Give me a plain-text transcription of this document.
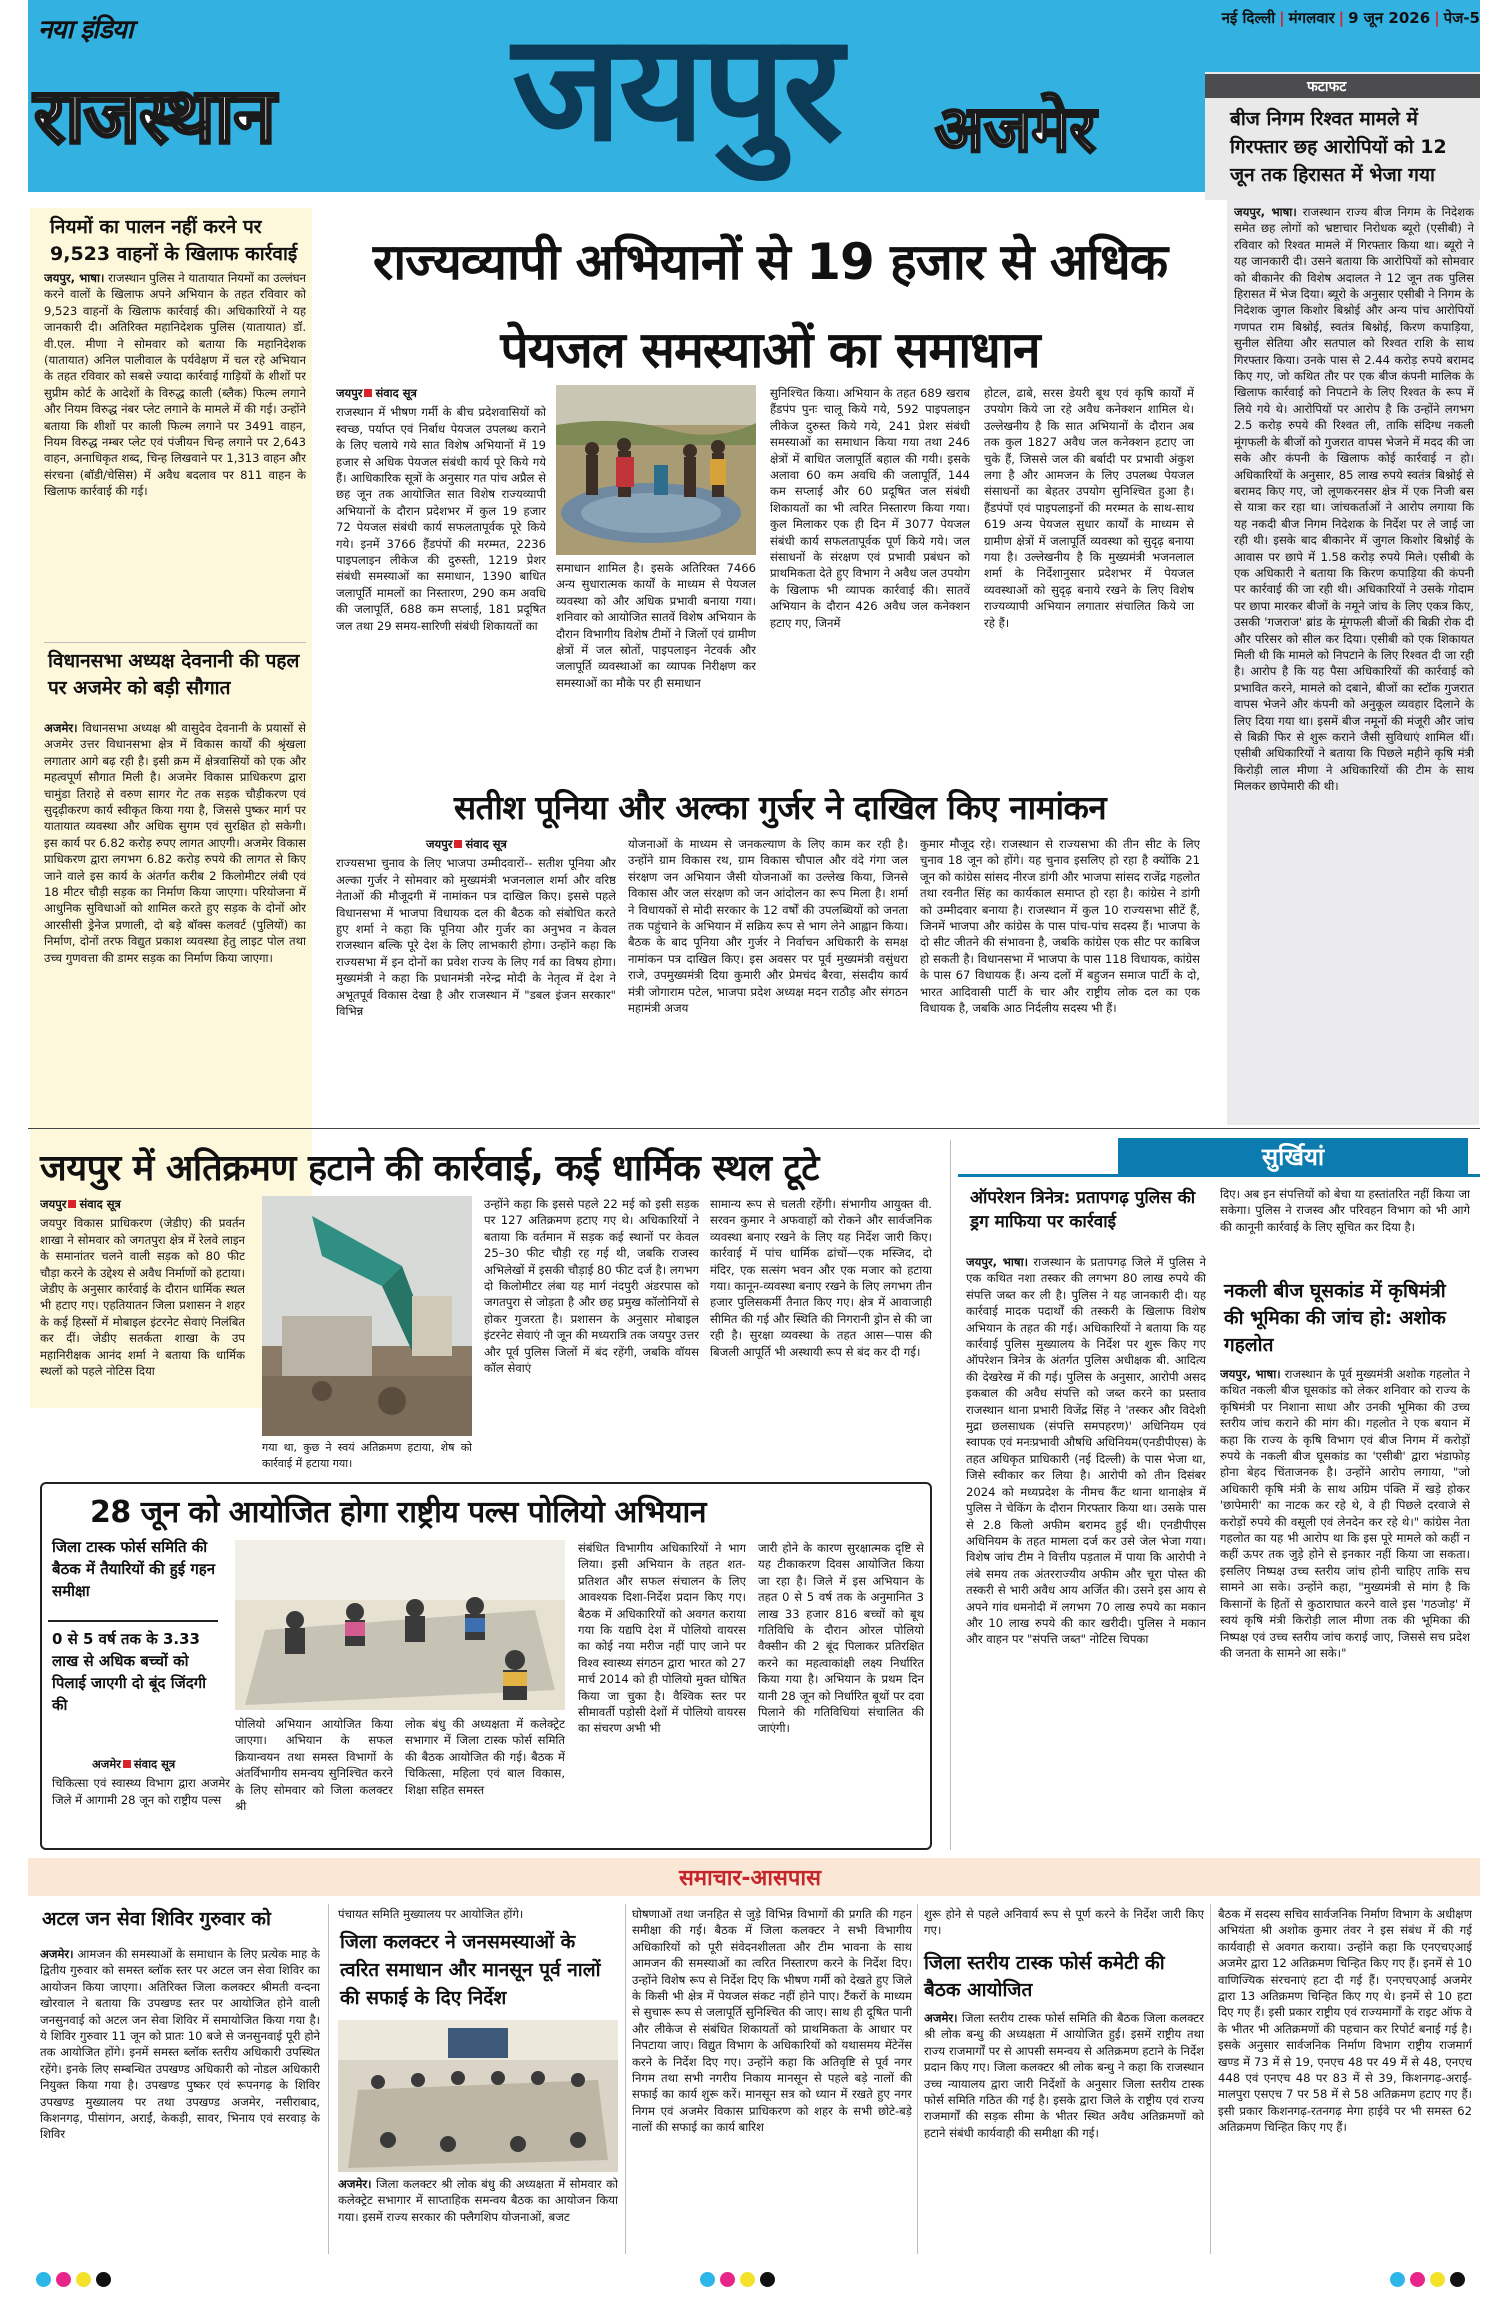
नया इंडिया
राजस्थान जयपुर अजमेर
नई दिल्ली | मंगलवार | 9 जून 2026 | पेज-5
फटाफट
बीज निगम रिश्वत मामले में गिरफ्तार छह आरोपियों को 12 जून तक हिरासत में भेजा गया
नियमों का पालन नहीं करने पर 9,523 वाहनों के खिलाफ कार्रवाई

जयपुर, भाषा। राजस्थान पुलिस ने यातायात नियमों का उल्लंघन करने वालों के खिलाफ अपने अभियान के तहत रविवार को 9,523 वाहनों के खिलाफ कार्रवाई की। अधिकारियों ने यह जानकारी दी। अतिरिक्त महानिदेशक पुलिस (यातायात) डॉ. वी.एल. मीणा ने सोमवार को बताया कि महानिदेशक (यातायात) अनिल पालीवाल के पर्यवेक्षण में चल रहे अभियान के तहत रविवार को सबसे ज्यादा कार्रवाई गाड़ियों के शीशों पर सुप्रीम कोर्ट के आदेशों के विरुद्ध काली (ब्लैक) फिल्म लगाने और नियम विरुद्ध नंबर प्लेट लगाने के मामले में की गई। उन्होंने बताया कि शीशों पर काली फिल्म लगाने पर 3491 वाहन, नियम विरुद्ध नम्बर प्लेट एवं पंजीयन चिन्ह लगाने पर 2,643 वाहन, अनाधिकृत शब्द, चिन्ह लिखवाने पर 1,313 वाहन और संरचना (बॉडी/चेसिस) में अवैध बदलाव पर 811 वाहन के खिलाफ कार्रवाई की गई।

विधानसभा अध्यक्ष देवनानी की पहल पर अजमेर को बड़ी सौगात

अजमेर। विधानसभा अध्यक्ष श्री वासुदेव देवनानी के प्रयासों से अजमेर उत्तर विधानसभा क्षेत्र में विकास कार्यों की श्रृंखला लगातार आगे बढ़ रही है। इसी क्रम में क्षेत्रवासियों को एक और महत्वपूर्ण सौगात मिली है। अजमेर विकास प्राधिकरण द्वारा चामुंडा तिराहे से वरुण सागर गेट तक सड़क चौड़ीकरण एवं सुदृढ़ीकरण कार्य स्वीकृत किया गया है, जिससे पुष्कर मार्ग पर यातायात व्यवस्था और अधिक सुगम एवं सुरक्षित हो सकेगी। इस कार्य पर 6.82 करोड़ रुपए लागत आएगी। अजमेर विकास प्राधिकरण द्वारा लगभग 6.82 करोड़ रुपये की लागत से किए जाने वाले इस कार्य के अंतर्गत करीब 2 किलोमीटर लंबी एवं 18 मीटर चौड़ी सड़क का निर्माण किया जाएगा। परियोजना में आधुनिक सुविधाओं को शामिल करते हुए सड़क के दोनों ओर आरसीसी ड्रेनेज प्रणाली, दो बड़े बॉक्स कलवर्ट (पुलियों) का निर्माण, दोनों तरफ विद्युत प्रकाश व्यवस्था हेतु लाइट पोल तथा उच्च गुणवत्ता की डामर सड़क का निर्माण किया जाएगा।

जयपुर, भाषा। राजस्थान राज्य बीज निगम के निदेशक समेत छह लोगों को भ्रष्टाचार निरोधक ब्यूरो (एसीबी) ने रविवार को रिश्वत मामले में गिरफ्तार किया था। ब्यूरो ने यह जानकारी दी। उसने बताया कि आरोपियों को सोमवार को बीकानेर की विशेष अदालत ने 12 जून तक पुलिस हिरासत में भेज दिया। ब्यूरो के अनुसार एसीबी ने निगम के निदेशक जुगल किशोर बिश्नोई और अन्य पांच आरोपियों गणपत राम बिश्नोई, स्वतंत्र बिश्नोई, किरण कपाड़िया, सुनील सेतिया और सतपाल को रिश्वत राशि के साथ गिरफ्तार किया। उनके पास से 2.44 करोड़ रुपये बरामद किए गए, जो कथित तौर पर एक बीज कंपनी मालिक के खिलाफ कार्रवाई को निपटाने के लिए रिश्वत के रूप में लिये गये थे। आरोपियों पर आरोप है कि उन्होंने लगभग 2.5 करोड़ रुपये की रिश्वत ली, ताकि संदिग्ध नकली मूंगफली के बीजों को गुजरात वापस भेजने में मदद की जा सके और कंपनी के खिलाफ कोई कार्रवाई न हो। अधिकारियों के अनुसार, 85 लाख रुपये स्वतंत्र बिश्नोई से बरामद किए गए, जो लूणकरनसर क्षेत्र में एक निजी बस से यात्रा कर रहा था। जांचकर्ताओं ने आरोप लगाया कि यह नकदी बीज निगम निदेशक के निर्देश पर ले जाई जा रही थी। इसके बाद बीकानेर में जुगल किशोर बिश्नोई के आवास पर छापे में 1.58 करोड़ रुपये मिले। एसीबी के एक अधिकारी ने बताया कि किरण कपाड़िया की कंपनी पर कार्रवाई की जा रही थी। अधिकारियों ने उसके गोदाम पर छापा मारकर बीजों के नमूने जांच के लिए एकत्र किए, उसकी 'गजराज' ब्रांड के मूंगफली बीजों की बिक्री रोक दी और परिसर को सील कर दिया। एसीबी को एक शिकायत मिली थी कि मामले को निपटाने के लिए रिश्वत दी जा रही है। आरोप है कि यह पैसा अधिकारियों की कार्रवाई को प्रभावित करने, मामले को दबाने, बीजों का स्टॉक गुजरात वापस भेजने और कंपनी को अनुकूल व्यवहार दिलाने के लिए दिया गया था। इसमें बीज नमूनों की मंजूरी और जांच से बिक्री फिर से शुरू कराने जैसी सुविधाएं शामिल थीं। एसीबी अधिकारियों ने बताया कि पिछले महीने कृषि मंत्री किरोड़ी लाल मीणा ने अधिकारियों की टीम के साथ मिलकर छापेमारी की थी।

राज्यव्यापी अभियानों से 19 हजार से अधिक पेयजल समस्याओं का समाधान
जयपुर संवाद सूत्र

राजस्थान में भीषण गर्मी के बीच प्रदेशवासियों को स्वच्छ, पर्याप्त एवं निर्बाध पेयजल उपलब्ध कराने के लिए चलाये गये सात विशेष अभियानों में 19 हजार से अधिक पेयजल संबंधी कार्य पूरे किये गये हैं। आधिकारिक सूत्रों के अनुसार गत पांच अप्रैल से छह जून तक आयोजित सात विशेष राज्यव्यापी अभियानों के दौरान प्रदेशभर में कुल 19 हजार 72 पेयजल संबंधी कार्य सफलतापूर्वक पूरे किये गये। इनमें 3766 हैंडपंपों की मरम्मत, 2236 पाइपलाइन लीकेज की दुरुस्ती, 1219 प्रेशर संबंधी समस्याओं का समाधान, 1390 बाधित जलापूर्ति मामलों का निस्तारण, 290 कम अवधि की जलापूर्ति, 688 कम सप्लाई, 181 प्रदूषित जल तथा 29 समय-सारिणी संबंधी शिकायतों का

समाधान शामिल है। इसके अतिरिक्त 7466 अन्य सुधारात्मक कार्यों के माध्यम से पेयजल व्यवस्था को और अधिक प्रभावी बनाया गया। शनिवार को आयोजित सातवें विशेष अभियान के दौरान विभागीय विशेष टीमों ने जिलों एवं ग्रामीण क्षेत्रों में जल स्रोतों, पाइपलाइन नेटवर्क और जलापूर्ति व्यवस्थाओं का व्यापक निरीक्षण कर समस्याओं का मौके पर ही समाधान

सुनिश्चित किया। अभियान के तहत 689 खराब हैंडपंप पुनः चालू किये गये, 592 पाइपलाइन लीकेज दुरुस्त किये गये, 241 प्रेशर संबंधी समस्याओं का समाधान किया गया तथा 246 क्षेत्रों में बाधित जलापूर्ति बहाल की गयी। इसके अलावा 60 कम अवधि की जलापूर्ति, 144 कम सप्लाई और 60 प्रदूषित जल संबंधी शिकायतों का भी त्वरित निस्तारण किया गया। कुल मिलाकर एक ही दिन में 3077 पेयजल संबंधी कार्य सफलतापूर्वक पूर्ण किये गये। जल संसाधनों के संरक्षण एवं प्रभावी प्रबंधन को प्राथमिकता देते हुए विभाग ने अवैध जल उपयोग के खिलाफ भी व्यापक कार्रवाई की। सातवें अभियान के दौरान 426 अवैध जल कनेक्शन हटाए गए, जिनमें

होटल, ढाबे, सरस डेयरी बूथ एवं कृषि कार्यों में उपयोग किये जा रहे अवैध कनेक्शन शामिल थे। उल्लेखनीय है कि सात अभियानों के दौरान अब तक कुल 1827 अवैध जल कनेक्शन हटाए जा चुके हैं, जिससे जल की बर्बादी पर प्रभावी अंकुश लगा है और आमजन के लिए उपलब्ध पेयजल संसाधनों का बेहतर उपयोग सुनिश्चित हुआ है। हैंडपंपों एवं पाइपलाइनों की मरम्मत के साथ-साथ 619 अन्य पेयजल सुधार कार्यों के माध्यम से ग्रामीण क्षेत्रों में जलापूर्ति व्यवस्था को सुदृढ़ बनाया गया है। उल्लेखनीय है कि मुख्यमंत्री भजनलाल शर्मा के निर्देशानुसार प्रदेशभर में पेयजल व्यवस्थाओं को सुदृढ़ बनाये रखने के लिए विशेष राज्यव्यापी अभियान लगातार संचालित किये जा रहे हैं।

सतीश पूनिया और अल्का गुर्जर ने दाखिल किए नामांकन
जयपुर संवाद सूत्र

राज्यसभा चुनाव के लिए भाजपा उम्मीदवारों-- सतीश पूनिया और अल्का गुर्जर ने सोमवार को मुख्यमंत्री भजनलाल शर्मा और वरिष्ठ नेताओं की मौजूदगी में नामांकन पत्र दाखिल किए। इससे पहले विधानसभा में भाजपा विधायक दल की बैठक को संबोधित करते हुए शर्मा ने कहा कि पूनिया और गुर्जर का अनुभव न केवल राजस्थान बल्कि पूरे देश के लिए लाभकारी होगा। उन्होंने कहा कि राज्यसभा में इन दोनों का प्रवेश राज्य के लिए गर्व का विषय होगा। मुख्यमंत्री ने कहा कि प्रधानमंत्री नरेन्द्र मोदी के नेतृत्व में देश ने अभूतपूर्व विकास देखा है और राजस्थान में "डबल इंजन सरकार" विभिन्न

योजनाओं के माध्यम से जनकल्याण के लिए काम कर रही है। उन्होंने ग्राम विकास रथ, ग्राम विकास चौपाल और वंदे गंगा जल संरक्षण जन अभियान जैसी योजनाओं का उल्लेख किया, जिनसे विकास और जल संरक्षण को जन आंदोलन का रूप मिला है। शर्मा ने विधायकों से मोदी सरकार के 12 वर्षों की उपलब्धियों को जनता तक पहुंचाने के अभियान में सक्रिय रूप से भाग लेने आह्वान किया। बैठक के बाद पूनिया और गुर्जर ने निर्वाचन अधिकारी के समक्ष नामांकन पत्र दाखिल किए। इस अवसर पर पूर्व मुख्यमंत्री वसुंधरा राजे, उपमुख्यमंत्री दिया कुमारी और प्रेमचंद बैरवा, संसदीय कार्य मंत्री जोगाराम पटेल, भाजपा प्रदेश अध्यक्ष मदन राठौड़ और संगठन महामंत्री अजय

कुमार मौजूद रहे। राजस्थान से राज्यसभा की तीन सीट के लिए चुनाव 18 जून को होंगे। यह चुनाव इसलिए हो रहा है क्योंकि 21 जून को कांग्रेस सांसद नीरज डांगी और भाजपा सांसद राजेंद्र गहलोत तथा रवनीत सिंह का कार्यकाल समाप्त हो रहा है। कांग्रेस ने डांगी को उम्मीदवार बनाया है। राजस्थान में कुल 10 राज्यसभा सीटें हैं, जिनमें भाजपा और कांग्रेस के पास पांच-पांच सदस्य हैं। भाजपा के दो सीट जीतने की संभावना है, जबकि कांग्रेस एक सीट पर काबिज हो सकती है। विधानसभा में भाजपा के पास 118 विधायक, कांग्रेस के पास 67 विधायक हैं। अन्य दलों में बहुजन समाज पार्टी के दो, भारत आदिवासी पार्टी के चार और राष्ट्रीय लोक दल का एक विधायक है, जबकि आठ निर्दलीय सदस्य भी हैं।

जयपुर में अतिक्रमण हटाने की कार्रवाई, कई धार्मिक स्थल टूटे
जयपुर संवाद सूत्र

जयपुर विकास प्राधिकरण (जेडीए) की प्रवर्तन शाखा ने सोमवार को जगतपुरा क्षेत्र में रेलवे लाइन के समानांतर चलने वाली सड़क को 80 फीट चौड़ा करने के उद्देश्य से अवैध निर्माणों को हटाया। जेडीए के अनुसार कार्रवाई के दौरान धार्मिक स्थल भी हटाए गए। एहतियातन जिला प्रशासन ने शहर के कई हिस्सों में मोबाइल इंटरनेट सेवाएं निलंबित कर दीं। जेडीए सतर्कता शाखा के उप महानिरीक्षक आनंद शर्मा ने बताया कि धार्मिक स्थलों को पहले नोटिस दिया

गया था, कुछ ने स्वयं अतिक्रमण हटाया, शेष को कार्रवाई में हटाया गया।

उन्होंने कहा कि इससे पहले 22 मई को इसी सड़क पर 127 अतिक्रमण हटाए गए थे। अधिकारियों ने बताया कि वर्तमान में सड़क कई स्थानों पर केवल 25–30 फीट चौड़ी रह गई थी, जबकि राजस्व अभिलेखों में इसकी चौड़ाई 80 फीट दर्ज है। लगभग दो किलोमीटर लंबा यह मार्ग नंदपुरी अंडरपास को जगतपुरा से जोड़ता है और छह प्रमुख कॉलोनियों से होकर गुजरता है। प्रशासन के अनुसार मोबाइल इंटरनेट सेवाएं नौ जून की मध्यरात्रि तक जयपुर उत्तर और पूर्व पुलिस जिलों में बंद रहेंगी, जबकि वॉयस कॉल सेवाएं

सामान्य रूप से चलती रहेंगी। संभागीय आयुक्त वी. सरवन कुमार ने अफवाहों को रोकने और सार्वजनिक व्यवस्था बनाए रखने के लिए यह निर्देश जारी किए। कार्रवाई में पांच धार्मिक ढांचों—एक मस्जिद, दो मंदिर, एक सत्संग भवन और एक मजार को हटाया गया। कानून-व्यवस्था बनाए रखने के लिए लगभग तीन हजार पुलिसकर्मी तैनात किए गए। क्षेत्र में आवाजाही सीमित की गई और स्थिति की निगरानी ड्रोन से की जा रही है। सुरक्षा व्यवस्था के तहत आस—पास की बिजली आपूर्ति भी अस्थायी रूप से बंद कर दी गई।

28 जून को आयोजित होगा राष्ट्रीय पल्स पोलियो अभियान
जिला टास्क फोर्स समिति की बैठक में तैयारियों की हुई गहन समीक्षा
0 से 5 वर्ष तक के 3.33 लाख से अधिक बच्चों को पिलाई जाएगी दो बूंद जिंदगी की
अजमेर संवाद सूत्र

चिकित्सा एवं स्वास्थ्य विभाग द्वारा अजमेर जिले में आगामी 28 जून को राष्ट्रीय पल्स

पोलियो अभियान आयोजित किया जाएगा। अभियान के सफल क्रियान्वयन तथा समस्त विभागों के अंतर्विभागीय समन्वय सुनिश्चित करने के लिए सोमवार को जिला कलक्टर श्री

लोक बंधु की अध्यक्षता में कलेक्ट्रेट सभागार में जिला टास्क फोर्स समिति की बैठक आयोजित की गई। बैठक में चिकित्सा, महिला एवं बाल विकास, शिक्षा सहित समस्त

संबंधित विभागीय अधिकारियों ने भाग लिया। इसी अभियान के तहत शत-प्रतिशत और सफल संचालन के लिए आवश्यक दिशा-निर्देश प्रदान किए गए। बैठक में अधिकारियों को अवगत कराया गया कि यद्यपि देश में पोलियो वायरस का कोई नया मरीज नहीं पाए जाने पर विश्व स्वास्थ्य संगठन द्वारा भारत को 27 मार्च 2014 को ही पोलियो मुक्त घोषित किया जा चुका है। वैश्विक स्तर पर सीमावर्ती पड़ोसी देशों में पोलियो वायरस का संचरण अभी भी

जारी होने के कारण सुरक्षात्मक दृष्टि से यह टीकाकरण दिवस आयोजित किया जा रहा है। जिले में इस अभियान के तहत 0 से 5 वर्ष तक के अनुमानित 3 लाख 33 हजार 816 बच्चों को बूथ गतिविधि के दौरान ओरल पोलियो वैक्सीन की 2 बूंद पिलाकर प्रतिरक्षित करने का महत्वाकांक्षी लक्ष्य निर्धारित किया गया है। अभियान के प्रथम दिन यानी 28 जून को निर्धारित बूथों पर दवा पिलाने की गतिविधियां संचालित की जाएंगी।

सुर्खियां
ऑपरेशन त्रिनेत्र: प्रतापगढ़ पुलिस की ड्रग माफिया पर कार्रवाई

जयपुर, भाषा। राजस्थान के प्रतापगढ़ जिले में पुलिस ने एक कथित नशा तस्कर की लगभग 80 लाख रुपये की संपत्ति जब्त कर ली है। पुलिस ने यह जानकारी दी। यह कार्रवाई मादक पदार्थों की तस्करी के खिलाफ विशेष अभियान के तहत की गई। अधिकारियों ने बताया कि यह कार्रवाई पुलिस मुख्यालय के निर्देश पर शुरू किए गए ऑपरेशन त्रिनेत्र के अंतर्गत पुलिस अधीक्षक बी. आदित्य की देखरेख में की गई। पुलिस के अनुसार, आरोपी असद इकबाल की अवैध संपत्ति को जब्त करने का प्रस्ताव राजस्थान थाना प्रभारी विजेंद्र सिंह ने 'तस्कर और विदेशी मुद्रा छलसाधक (संपत्ति समपहरण)' अधिनियम एवं स्वापक एवं मनःप्रभावी औषधि अधिनियम(एनडीपीएस) के तहत अधिकृत प्राधिकारी (नई दिल्ली) के पास भेजा था, जिसे स्वीकार कर लिया है। आरोपी को तीन दिसंबर 2024 को मध्यप्रदेश के नीमच कैंट थाना थानाक्षेत्र में पुलिस ने चेकिंग के दौरान गिरफ्तार किया था। उसके पास से 2.8 किलो अफीम बरामद हुई थी। एनडीपीएस अधिनियम के तहत मामला दर्ज कर उसे जेल भेजा गया। विशेष जांच टीम ने वित्तीय पड़ताल में पाया कि आरोपी ने लंबे समय तक अंतरराज्यीय अफीम और चूरा पोस्त की तस्करी से भारी अवैध आय अर्जित की। उसने इस आय से अपने गांव धमनोदी में लगभग 70 लाख रुपये का मकान और 10 लाख रुपये की कार खरीदी। पुलिस ने मकान और वाहन पर "संपत्ति जब्त" नोटिस चिपका

दिए। अब इन संपत्तियों को बेचा या हस्तांतरित नहीं किया जा सकेगा। पुलिस ने राजस्व और परिवहन विभाग को भी आगे की कानूनी कार्रवाई के लिए सूचित कर दिया है।

नकली बीज घूसकांड में कृषिमंत्री की भूमिका की जांच हो: अशोक गहलोत

जयपुर, भाषा। राजस्थान के पूर्व मुख्यमंत्री अशोक गहलोत ने कथित नकली बीज घूसकांड को लेकर शनिवार को राज्य के कृषिमंत्री पर निशाना साधा और उनकी भूमिका की उच्च स्तरीय जांच कराने की मांग की। गहलोत ने एक बयान में कहा कि राज्य के कृषि विभाग एवं बीज निगम में करोड़ों रुपये के नकली बीज घूसकांड का 'एसीबी' द्वारा भंडाफोड़ होना बेहद चिंताजनक है। उन्होंने आरोप लगाया, "जो अधिकारी कृषि मंत्री के साथ अग्रिम पंक्ति में खड़े होकर 'छापेमारी' का नाटक कर रहे थे, वे ही पिछले दरवाजे से करोड़ों रुपये की वसूली एवं लेनदेन कर रहे थे।" कांग्रेस नेता गहलोत का यह भी आरोप था कि इस पूरे मामले को कहीं न कहीं ऊपर तक जुड़े होने से इनकार नहीं किया जा सकता। इसलिए निष्पक्ष उच्च स्तरीय जांच होनी चाहिए ताकि सच सामने आ सके। उन्होंने कहा, "मुख्यमंत्री से मांग है कि किसानों के हितों से कुठाराघात करने वाले इस 'गठजोड़' में स्वयं कृषि मंत्री किरोड़ी लाल मीणा तक की भूमिका की निष्पक्ष एवं उच्च स्तरीय जांच कराई जाए, जिससे सच प्रदेश की जनता के सामने आ सके।"

समाचार-आसपास
अटल जन सेवा शिविर गुरुवार को

अजमेर। आमजन की समस्याओं के समाधान के लिए प्रत्येक माह के द्वितीय गुरुवार को समस्त ब्लॉक स्तर पर अटल जन सेवा शिविर का आयोजन किया जाएगा। अतिरिक्त जिला कलक्टर श्रीमती वन्दना खोरवाल ने बताया कि उपखण्ड स्तर पर आयोजित होने वाली जनसुनवाई को अटल जन सेवा शिविर में समायोजित किया गया है। ये शिविर गुरुवार 11 जून को प्रातः 10 बजे से जनसुनवाई पूरी होने तक आयोजित होंगे। इनमें समस्त ब्लॉक स्तरीय अधिकारी उपस्थित रहेंगे। इनके लिए सम्बन्धित उपखण्ड अधिकारी को नोडल अधिकारी नियुक्त किया गया है। उपखण्ड पुष्कर एवं रूपनगढ़ के शिविर उपखण्ड मुख्यालय पर तथा उपखण्ड अजमेर, नसीराबाद, किशनगढ़, पीसांगन, अराईं, केकड़ी, सावर, भिनाय एवं सरवाड़ के शिविर

पंचायत समिति मुख्यालय पर आयोजित होंगे।
जिला कलक्टर ने जनसमस्याओं के त्वरित समाधान और मानसून पूर्व नालों की सफाई के दिए निर्देश

अजमेर। जिला कलक्टर श्री लोक बंधु की अध्यक्षता में सोमवार को कलेक्ट्रेट सभागार में साप्ताहिक समन्वय बैठक का आयोजन किया गया। इसमें राज्य सरकार की फ्लैगशिप योजनाओं, बजट

घोषणाओं तथा जनहित से जुड़े विभिन्न विभागों की प्रगति की गहन समीक्षा की गई। बैठक में जिला कलक्टर ने सभी विभागीय अधिकारियों को पूरी संवेदनशीलता और टीम भावना के साथ आमजन की समस्याओं का त्वरित निस्तारण करने के निर्देश दिए। उन्होंने विशेष रूप से निर्देश दिए कि भीषण गर्मी को देखते हुए जिले के किसी भी क्षेत्र में पेयजल संकट नहीं होने पाए। टैंकरों के माध्यम से सुचारू रूप से जलापूर्ति सुनिश्चित की जाए। साथ ही दूषित पानी और लीकेज से संबंधित शिकायतों को प्राथमिकता के आधार पर निपटाया जाए। विद्युत विभाग के अधिकारियों को यथासमय मेंटेनेंस करने के निर्देश दिए गए। उन्होंने कहा कि अतिवृष्टि से पूर्व नगर निगम तथा सभी नगरीय निकाय मानसून से पहले बड़े नालों की सफाई का कार्य शुरू करें। मानसून सत्र को ध्यान में रखते हुए नगर निगम एवं अजमेर विकास प्राधिकरण को शहर के सभी छोटे-बड़े नालों की सफाई का कार्य बारिश

शुरू होने से पहले अनिवार्य रूप से पूर्ण करने के निर्देश जारी किए गए।
जिला स्तरीय टास्क फोर्स कमेटी की बैठक आयोजित

अजमेर। जिला स्तरीय टास्क फोर्स समिति की बैठक जिला कलक्टर श्री लोक बन्धु की अध्यक्षता में आयोजित हुई। इसमें राष्ट्रीय तथा राज्य राजमार्गों पर से आपसी समन्वय से अतिक्रमण हटाने के निर्देश प्रदान किए गए। जिला कलक्टर श्री लोक बन्धु ने कहा कि राजस्थान उच्च न्यायालय द्वारा जारी निर्देशों के अनुसार जिला स्तरीय टास्क फोर्स समिति गठित की गई है। इसके द्वारा जिले के राष्ट्रीय एवं राज्य राजमार्गों की सड़क सीमा के भीतर स्थित अवैध अतिक्रमणों को हटाने संबंधी कार्यवाही की समीक्षा की गई।

बैठक में सदस्य सचिव सार्वजनिक निर्माण विभाग के अधीक्षण अभियंता श्री अशोक कुमार तंवर ने इस संबंध में की गई कार्यवाही से अवगत कराया। उन्होंने कहा कि एनएचएआई अजमेर द्वारा 12 अतिक्रमण चिन्हित किए गए हैं। इनमें से 10 वाणिज्यिक संरचनाएं हटा दी गई हैं। एनएचएआई अजमेर द्वारा 13 अतिक्रमण चिन्हित किए गए थे। इनमें से 10 हटा दिए गए हैं। इसी प्रकार राष्ट्रीय एवं राज्यमार्गों के राइट ऑफ वे के भीतर भी अतिक्रमणों की पहचान कर रिपोर्ट बनाई गई है। इसके अनुसार सार्वजनिक निर्माण विभाग राष्ट्रीय राजमार्ग खण्ड में 73 में से 19, एनएच 48 पर 49 में से 48, एनएच 448 एवं एनएच 48 पर 83 में से 39, किशनगढ़-अराईं-मालपुरा एसएच 7 पर 58 में से 58 अतिक्रमण हटाए गए हैं। इसी प्रकार किशनगढ़-रतनगढ़ मेगा हाईवे पर भी समस्त 62 अतिक्रमण चिन्हित किए गए हैं।
